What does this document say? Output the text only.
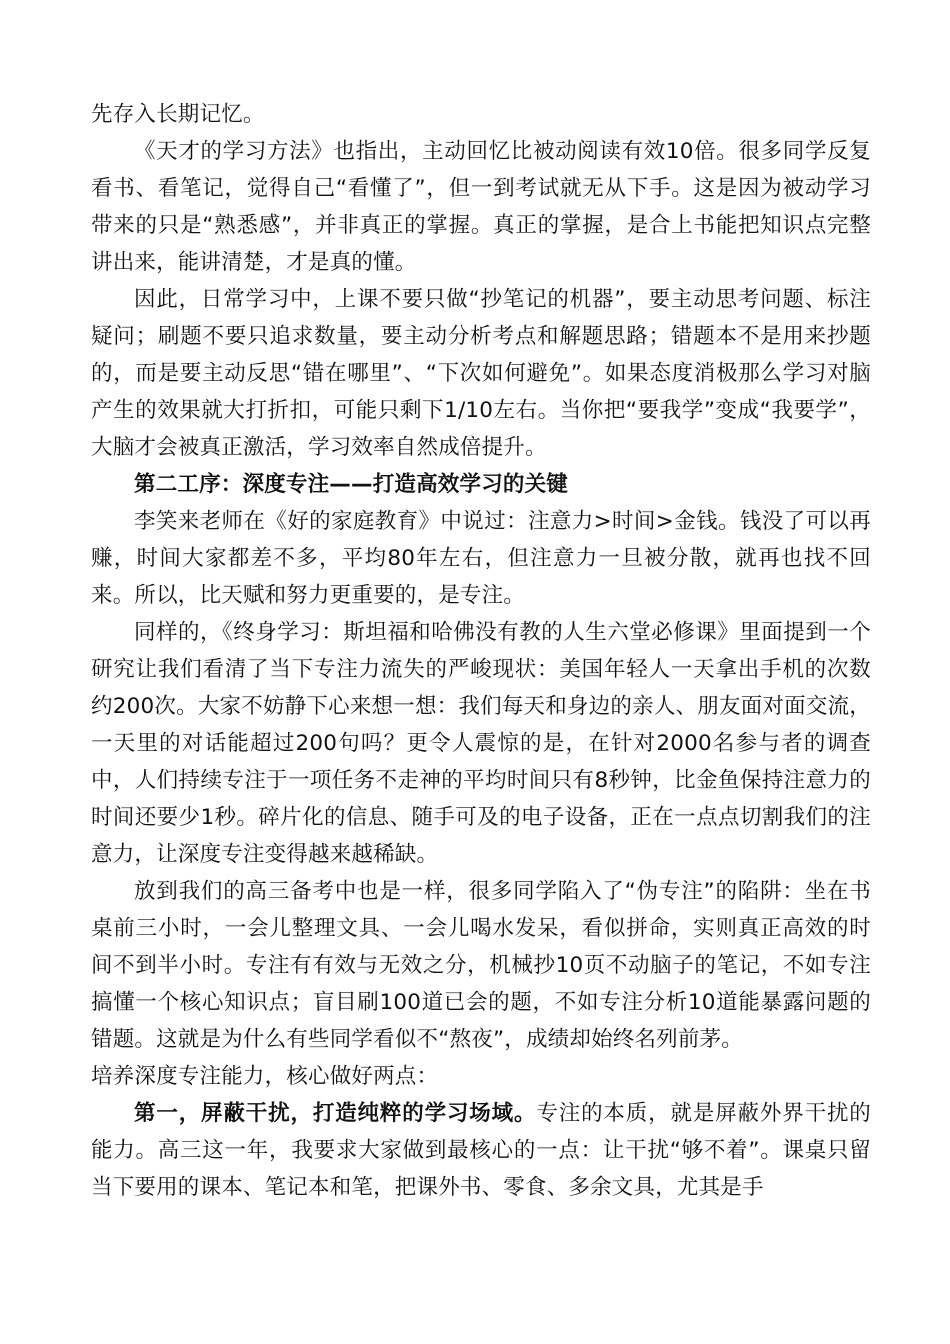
先存入长期记忆。

《天才的学习方法》也指出，主动回忆比被动阅读有效10倍。很多同学反复看书、看笔记，觉得自己“看懂了”，但一到考试就无从下手。这是因为被动学习带来的只是“熟悉感”，并非真正的掌握。真正的掌握，是合上书能把知识点完整讲出来，能讲清楚，才是真的懂。

因此，日常学习中，上课不要只做“抄笔记的机器”，要主动思考问题、标注疑问；刷题不要只追求数量，要主动分析考点和解题思路；错题本不是用来抄题的，而是要主动反思“错在哪里”、“下次如何避免”。如果态度消极那么学习对脑产生的效果就大打折扣，可能只剩下1/10左右。当你把“要我学”变成“我要学”，大脑才会被真正激活，学习效率自然成倍提升。

第二工序：深度专注——打造高效学习的关键

李笑来老师在《好的家庭教育》中说过：注意力>时间>金钱。钱没了可以再赚，时间大家都差不多，平均80年左右，但注意力一旦被分散，就再也找不回来。所以，比天赋和努力更重要的，是专注。

同样的，《终身学习：斯坦福和哈佛没有教的人生六堂必修课》里面提到一个研究让我们看清了当下专注力流失的严峻现状：美国年轻人一天拿出手机的次数约200次。大家不妨静下心来想一想：我们每天和身边的亲人、朋友面对面交流，一天里的对话能超过200句吗？更令人震惊的是，在针对2000名参与者的调查中，人们持续专注于一项任务不走神的平均时间只有8秒钟，比金鱼保持注意力的时间还要少1秒。碎片化的信息、随手可及的电子设备，正在一点点切割我们的注意力，让深度专注变得越来越稀缺。

放到我们的高三备考中也是一样，很多同学陷入了“伪专注”的陷阱：坐在书桌前三小时，一会儿整理文具、一会儿喝水发呆，看似拼命，实则真正高效的时间不到半小时。专注有有效与无效之分，机械抄10页不动脑子的笔记，不如专注搞懂一个核心知识点；盲目刷100道已会的题，不如专注分析10道能暴露问题的错题。这就是为什么有些同学看似不“熬夜”，成绩却始终名列前茅。

培养深度专注能力，核心做好两点：

第一，屏蔽干扰，打造纯粹的学习场域。专注的本质，就是屏蔽外界干扰的能力。高三这一年，我要求大家做到最核心的一点：让干扰“够不着”。课桌只留当下要用的课本、笔记本和笔，把课外书、零食、多余文具，尤其是手
